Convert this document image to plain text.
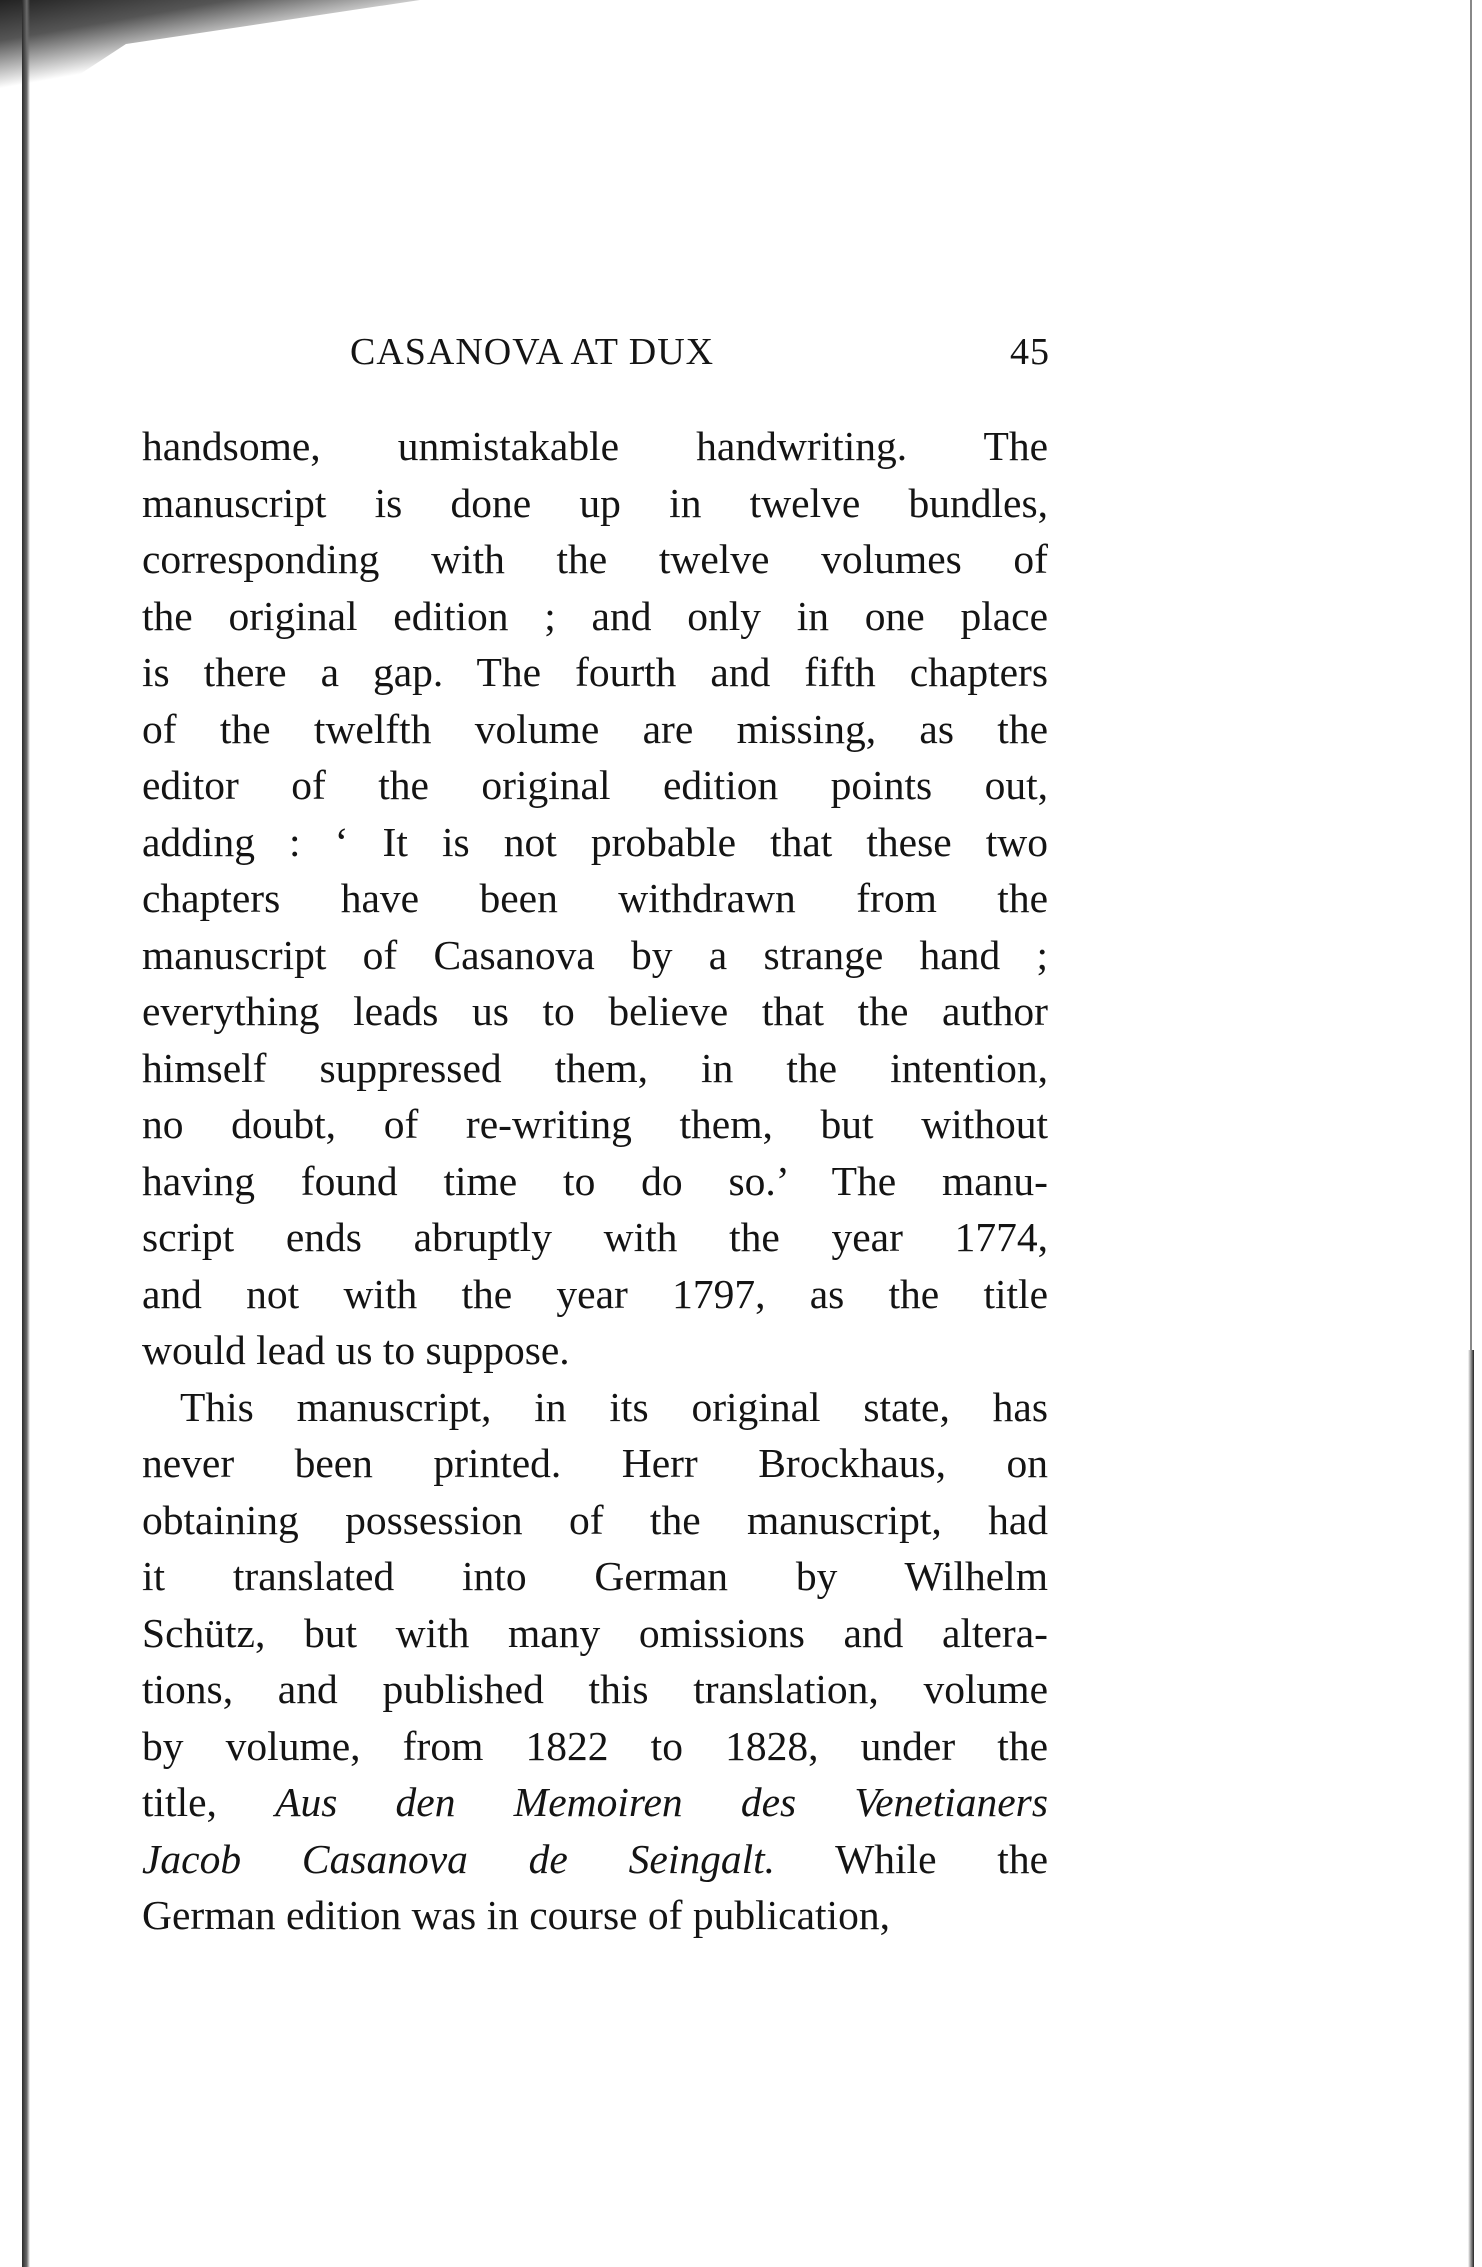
CASANOVA AT DUX	45
handsome, unmistakable handwriting. The
manuscript is done up in twelve bundles,
corresponding with the twelve volumes of
the original edition ; and only in one place
is there a gap. The fourth and fifth chapters
of the twelfth volume are missing, as the
editor of the original edition points out,
adding : ‘ It is not probable that these two
chapters have been withdrawn from the
manuscript of Casanova by a strange hand ;
everything leads us to believe that the author
himself suppressed them, in the intention,
no doubt, of re-writing them, but without
having found time to do so.’ The manu-
script ends abruptly with the year 1774,
and not with the year 1797, as the title
would lead us to suppose.
This manuscript, in its original state, has
never been printed. Herr Brockhaus, on
obtaining possession of the manuscript, had
it translated into German by Wilhelm
Schütz, but with many omissions and altera-
tions, and published this translation, volume
by volume, from 1822 to 1828, under the
title, Aus den Memoiren des Venetianers
Jacob Casanova de Seingalt. While the
German edition was in course of publication,
